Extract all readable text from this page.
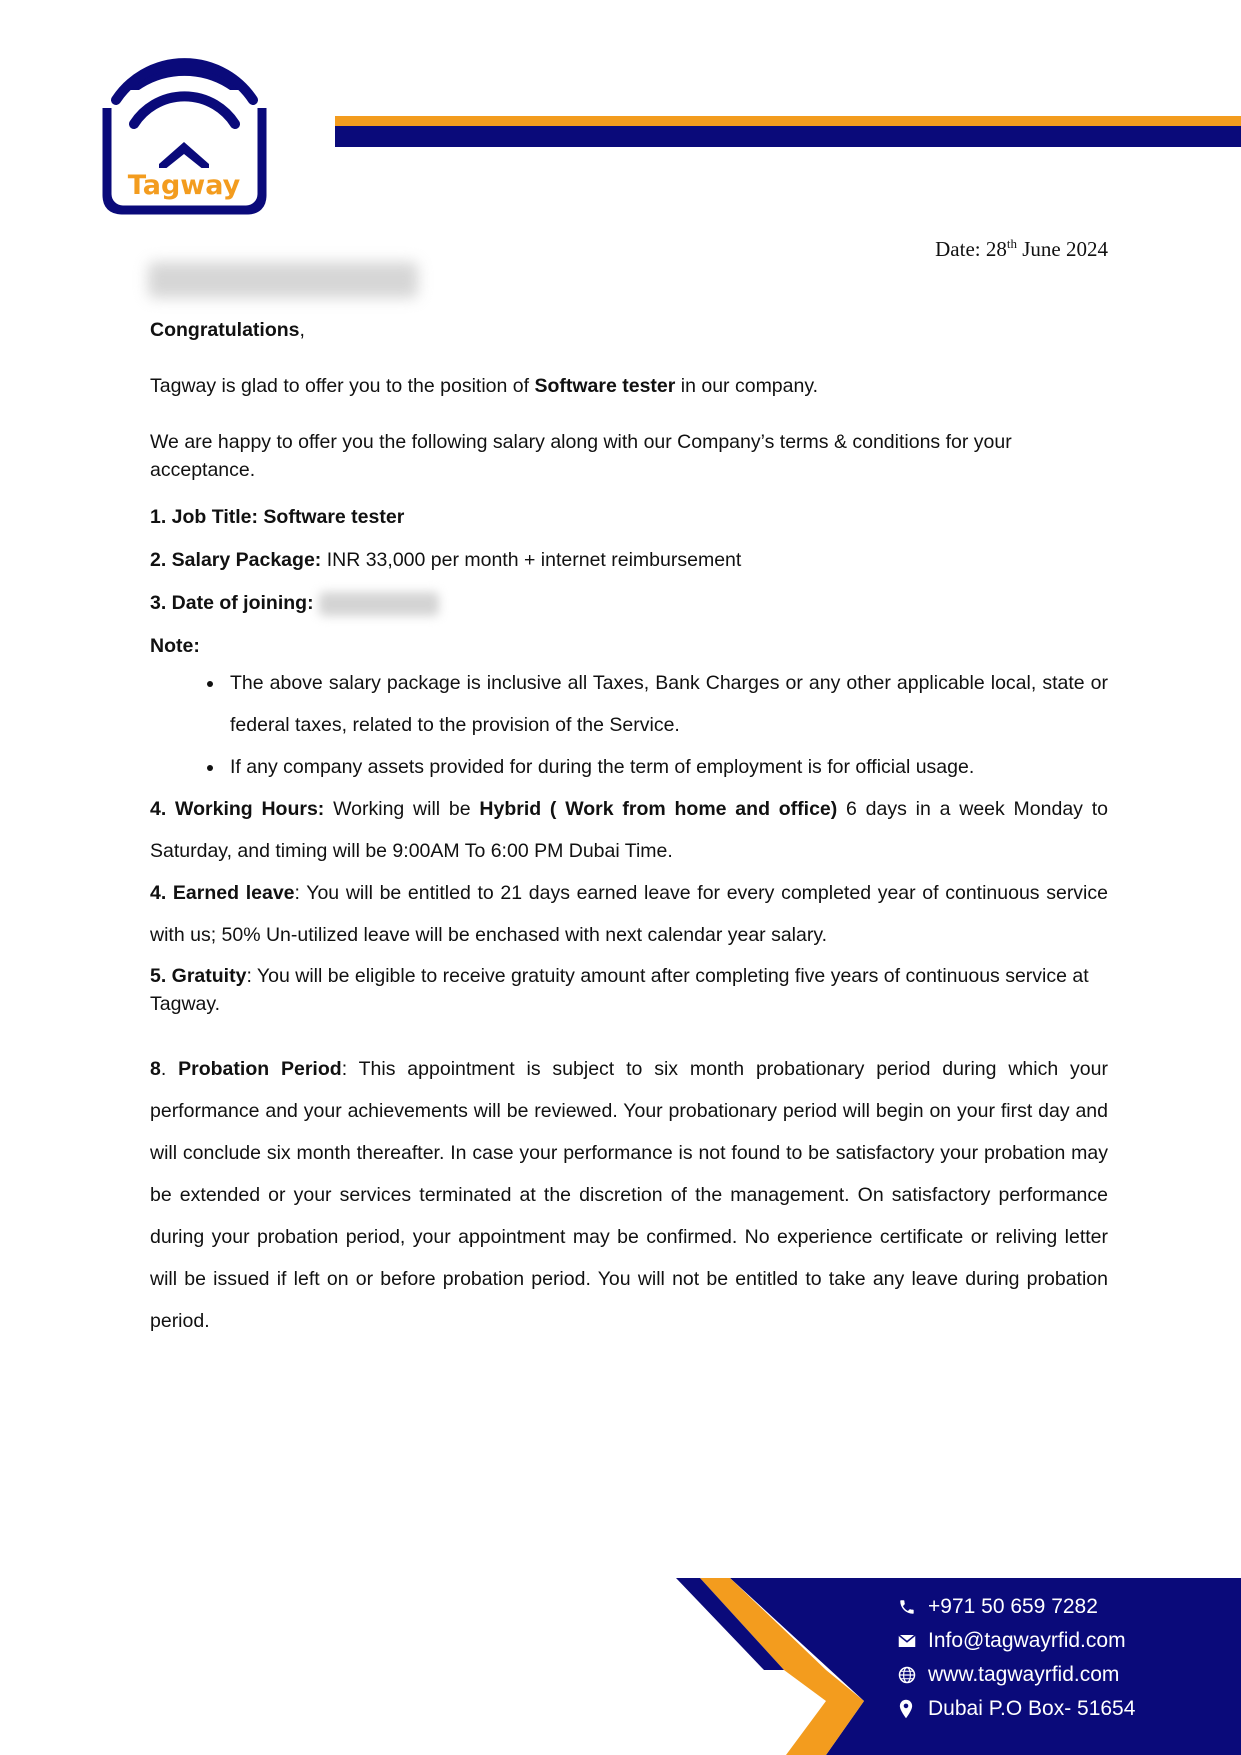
Tagway
Date: 28th June 2024

Congratulations,

Tagway is glad to offer you to the position of Software tester in our company.

We are happy to offer you the following salary along with our Company’s terms & conditions for your acceptance.

1. Job Title: Software tester

2. Salary Package: INR 33,000 per month + internet reimbursement

3. Date of joining:

Note:

• The above salary package is inclusive all Taxes, Bank Charges or any other applicable local, state or federal taxes, related to the provision of the Service.
• If any company assets provided for during the term of employment is for official usage.

4. Working Hours: Working will be Hybrid ( Work from home and office) 6 days in a week Monday to Saturday, and timing will be 9:00AM To 6:00 PM Dubai Time.

4. Earned leave: You will be entitled to 21 days earned leave for every completed year of continuous service with us; 50% Un-utilized leave will be enchased with next calendar year salary.

5. Gratuity: You will be eligible to receive gratuity amount after completing five years of continuous service at Tagway.

8. Probation Period: This appointment is subject to six month probationary period during which your performance and your achievements will be reviewed. Your probationary period will begin on your first day and will conclude six month thereafter. In case your performance is not found to be satisfactory your probation may be extended or your services terminated at the discretion of the management. On satisfactory performance during your probation period, your appointment may be confirmed. No experience certificate or reliving letter will be issued if left on or before probation period. You will not be entitled to take any leave during probation period.

+971 50 659 7282
Info@tagwayrfid.com
www.tagwayrfid.com
Dubai P.O Box- 51654
